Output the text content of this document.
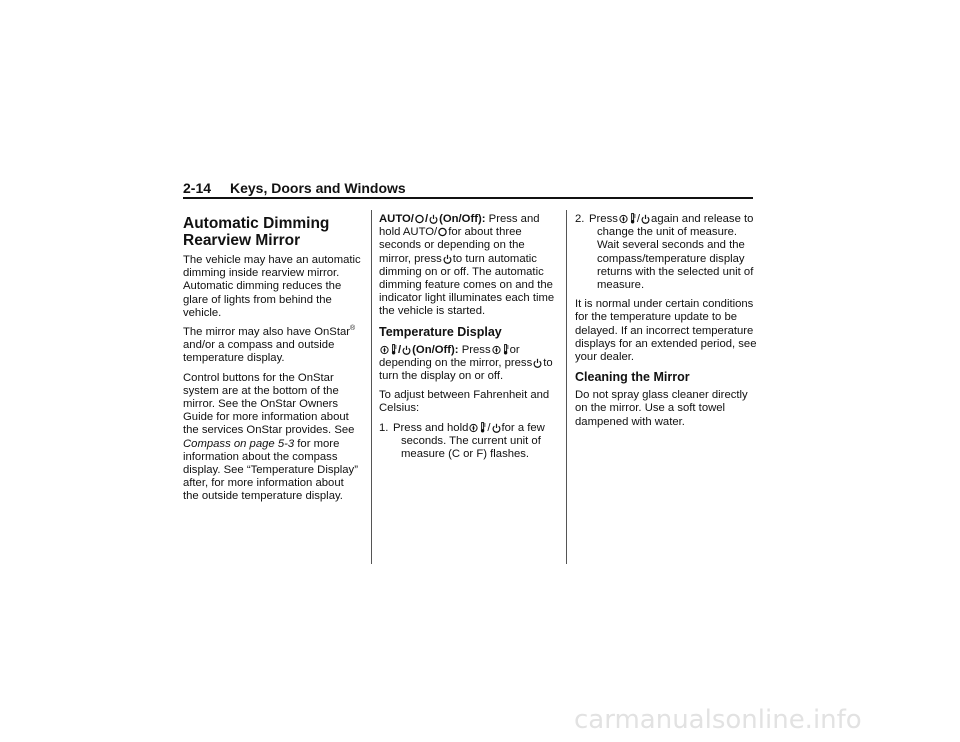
2-14 Keys, Doors and Windows
Automatic Dimming Rearview Mirror

The vehicle may have an automatic dimming inside rearview mirror. Automatic dimming reduces the glare of lights from behind the vehicle.

The mirror may also have OnStar® and/or a compass and outside temperature display.

Control buttons for the OnStar system are at the bottom of the mirror. See the OnStar Owners Guide for more information about the services OnStar provides. See Compass on page 5-3 for more information about the compass display. See “Temperature Display” after, for more information about the outside temperature display.

AUTO/ / (On/Off): Press and hold AUTO/ for about three seconds or depending on the mirror, press to turn automatic dimming on or off. The automatic dimming feature comes on and the indicator light illuminates each time the vehicle is started.

Temperature Display

/ (On/Off): Press or depending on the mirror, press to turn the display on or off.

To adjust between Fahrenheit and Celsius:

1. Press and hold / for a few seconds. The current unit of measure (C or F) flashes.
2. Press / again and release to change the unit of measure. Wait several seconds and the compass/temperature display returns with the selected unit of measure.

It is normal under certain conditions for the temperature update to be delayed. If an incorrect temperature displays for an extended period, see your dealer.

Cleaning the Mirror

Do not spray glass cleaner directly on the mirror. Use a soft towel dampened with water.

carmanualsonline.info
